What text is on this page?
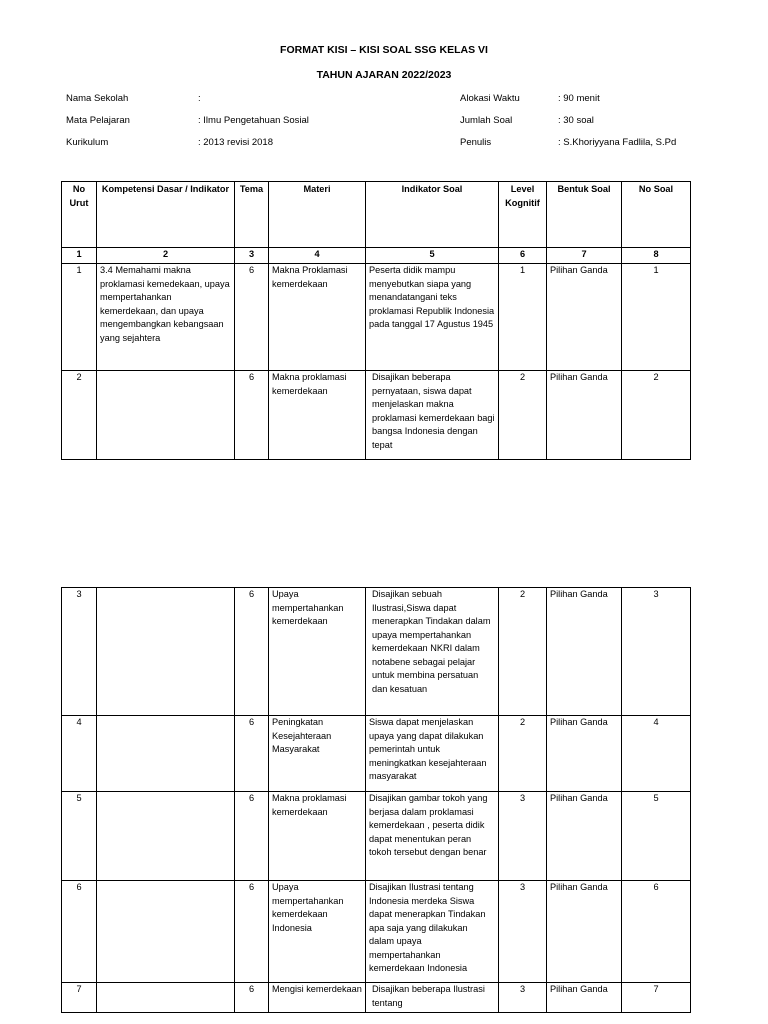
FORMAT KISI – KISI SOAL SSG KELAS VI
TAHUN AJARAN 2022/2023
Nama Sekolah	:
Mata Pelajaran	: Ilmu Pengetahuan Sosial
Kurikulum	: 2013 revisi 2018
Alokasi Waktu	: 90 menit
Jumlah Soal	: 30 soal
Penulis	: S.Khoriyyana Fadlila, S.Pd
No Urut	Kompetensi Dasar / Indikator	Tema	Materi	Indikator Soal	Level Kognitif	Bentuk Soal	No Soal
1	2	3	4	5	6	7	8
1	3.4 Memahami makna proklamasi kemedekaan, upaya mempertahankan kemerdekaan, dan upaya mengembangkan kebangsaan yang sejahtera	6	Makna Proklamasi kemerdekaan	Peserta didik mampu menyebutkan siapa yang menandatangani teks proklamasi Republik Indonesia pada tanggal 17 Agustus 1945	1	Pilihan Ganda	1
2		6	Makna proklamasi kemerdekaan	Disajikan beberapa pernyataan, siswa dapat menjelaskan makna proklamasi kemerdekaan bagi bangsa Indonesia dengan tepat	2	Pilihan Ganda	2
3		6	Upaya mempertahankan kemerdekaan	Disajikan sebuah Ilustrasi,Siswa dapat menerapkan Tindakan dalam upaya mempertahankan kemerdekaan NKRI dalam notabene sebagai pelajar untuk membina persatuan dan kesatuan	2	Pilihan Ganda	3
4		6	Peningkatan Kesejahteraan Masyarakat	Siswa dapat menjelaskan upaya yang dapat dilakukan pemerintah untuk meningkatkan kesejahteraan masyarakat	2	Pilihan Ganda	4
5		6	Makna proklamasi kemerdekaan	Disajikan gambar tokoh yang berjasa dalam proklamasi kemerdekaan , peserta didik dapat menentukan peran tokoh tersebut dengan benar	3	Pilihan Ganda	5
6		6	Upaya mempertahankan kemerdekaan Indonesia	Disajikan Ilustrasi tentang Indonesia merdeka Siswa dapat menerapkan Tindakan apa saja yang dilakukan dalam upaya mempertahankan kemerdekaan Indonesia	3	Pilihan Ganda	6
7		6	Mengisi kemerdekaan	Disajikan beberapa Ilustrasi tentang	3	Pilihan Ganda	7
